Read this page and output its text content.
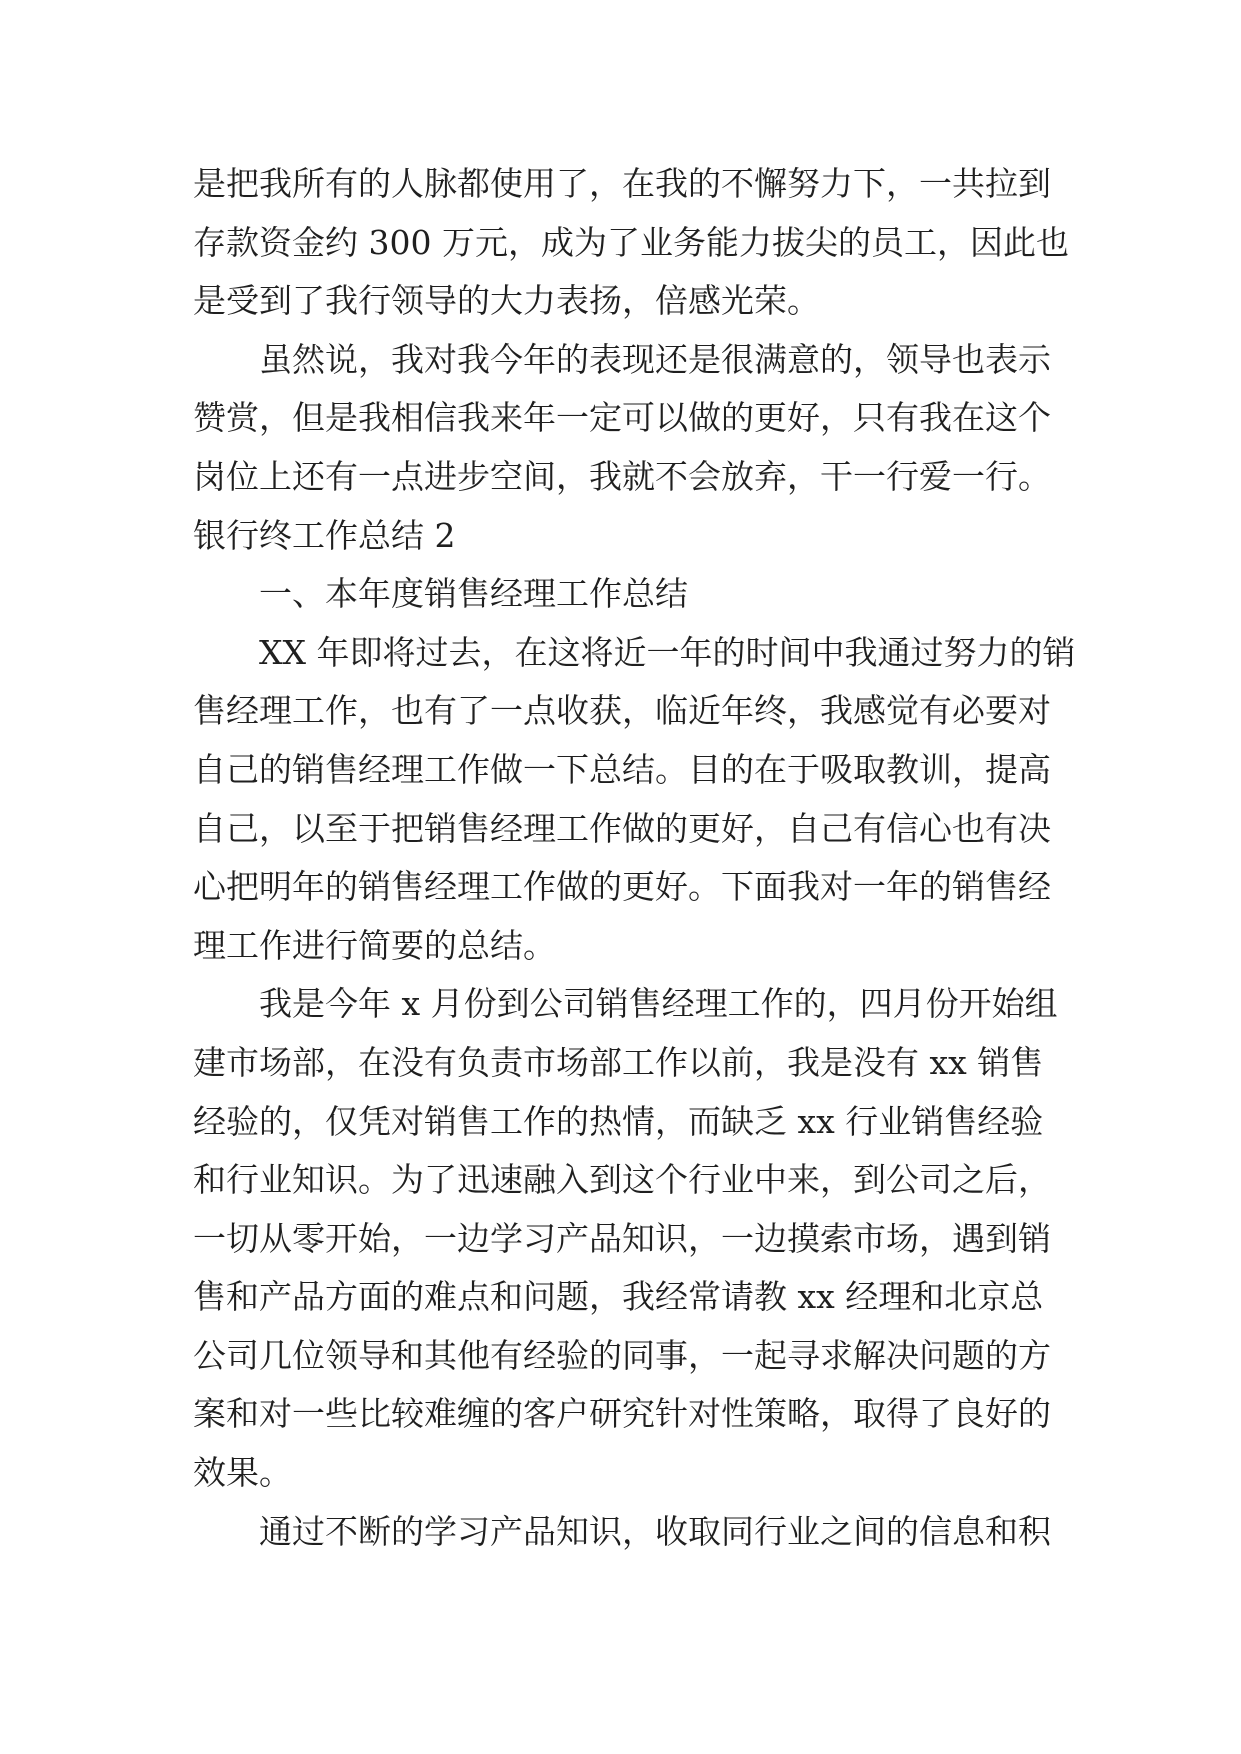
是把我所有的人脉都使用了，在我的不懈努力下，一共拉到
存款资金约 300 万元，成为了业务能力拔尖的员工，因此也
是受到了我行领导的大力表扬，倍感光荣。
虽然说，我对我今年的表现还是很满意的，领导也表示
赞赏，但是我相信我来年一定可以做的更好，只有我在这个
岗位上还有一点进步空间，我就不会放弃，干一行爱一行。
银行终工作总结 2
一、本年度销售经理工作总结
XX 年即将过去，在这将近一年的时间中我通过努力的销
售经理工作，也有了一点收获，临近年终，我感觉有必要对
自己的销售经理工作做一下总结。目的在于吸取教训，提高
自己，以至于把销售经理工作做的更好，自己有信心也有决
心把明年的销售经理工作做的更好。下面我对一年的销售经
理工作进行简要的总结。
我是今年 x 月份到公司销售经理工作的，四月份开始组
建市场部，在没有负责市场部工作以前，我是没有 xx 销售
经验的，仅凭对销售工作的热情，而缺乏 xx 行业销售经验
和行业知识。为了迅速融入到这个行业中来，到公司之后，
一切从零开始，一边学习产品知识，一边摸索市场，遇到销
售和产品方面的难点和问题，我经常请教 xx 经理和北京总
公司几位领导和其他有经验的同事，一起寻求解决问题的方
案和对一些比较难缠的客户研究针对性策略，取得了良好的
效果。
通过不断的学习产品知识，收取同行业之间的信息和积
